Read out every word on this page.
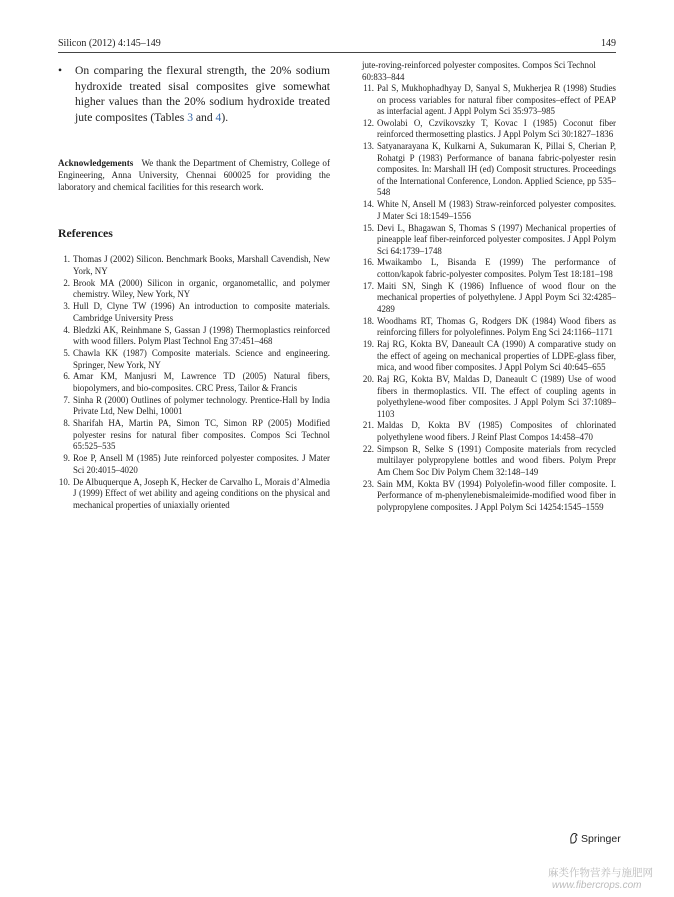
Silicon (2012) 4:145–149	149
• On comparing the flexural strength, the 20% sodium hydroxide treated sisal composites give somewhat higher values than the 20% sodium hydroxide treated jute composites (Tables 3 and 4).
Acknowledgements We thank the Department of Chemistry, College of Engineering, Anna University, Chennai 600025 for providing the laboratory and chemical facilities for this research work.
References
1. Thomas J (2002) Silicon. Benchmark Books, Marshall Cavendish, New York, NY
2. Brook MA (2000) Silicon in organic, organometallic, and polymer chemistry. Wiley, New York, NY
3. Hull D, Clyne TW (1996) An introduction to composite materials. Cambridge University Press
4. Bledzki AK, Reinhmane S, Gassan J (1998) Thermoplastics reinforced with wood fillers. Polym Plast Technol Eng 37:451–468
5. Chawla KK (1987) Composite materials. Science and engineering. Springer, New York, NY
6. Amar KM, Manjusri M, Lawrence TD (2005) Natural fibers, biopolymers, and bio-composites. CRC Press, Tailor & Francis
7. Sinha R (2000) Outlines of polymer technology. Prentice-Hall by India Private Ltd, New Delhi, 10001
8. Sharifah HA, Martin PA, Simon TC, Simon RP (2005) Modified polyester resins for natural fiber composites. Compos Sci Technol 65:525–535
9. Roe P, Ansell M (1985) Jute reinforced polyester composites. J Mater Sci 20:4015–4020
10. De Albuquerque A, Joseph K, Hecker de Carvalho L, Morais d’Almedia J (1999) Effect of wet ability and ageing conditions on the physical and mechanical properties of uniaxially oriented
jute-roving-reinforced polyester composites. Compos Sci Technol 60:833–844
11. Pal S, Mukhophadhyay D, Sanyal S, Mukherjea R (1998) Studies on process variables for natural fiber composites–effect of PEAP as interfacial agent. J Appl Polym Sci 35:973–985
12. Owolabi O, Czvikovszky T, Kovac I (1985) Coconut fiber reinforced thermosetting plastics. J Appl Polym Sci 30:1827–1836
13. Satyanarayana K, Kulkarni A, Sukumaran K, Pillai S, Cherian P, Rohatgi P (1983) Performance of banana fabric-polyester resin composites. In: Marshall IH (ed) Composit structures. Proceedings of the International Conference, London. Applied Science, pp 535–548
14. White N, Ansell M (1983) Straw-reinforced polyester composites. J Mater Sci 18:1549–1556
15. Devi L, Bhagawan S, Thomas S (1997) Mechanical properties of pineapple leaf fiber-reinforced polyester composites. J Appl Polym Sci 64:1739–1748
16. Mwaikambo L, Bisanda E (1999) The performance of cotton/kapok fabric-polyester composites. Polym Test 18:181–198
17. Maiti SN, Singh K (1986) Influence of wood flour on the mechanical properties of polyethylene. J Appl Poym Sci 32:4285–4289
18. Woodhams RT, Thomas G, Rodgers DK (1984) Wood fibers as reinforcing fillers for polyolefinnes. Polym Eng Sci 24:1166–1171
19. Raj RG, Kokta BV, Daneault CA (1990) A comparative study on the effect of ageing on mechanical properties of LDPE-glass fiber, mica, and wood fiber composites. J Appl Polym Sci 40:645–655
20. Raj RG, Kokta BV, Maldas D, Daneault C (1989) Use of wood fibers in thermoplastics. VII. The effect of coupling agents in polyethylene-wood fiber composites. J Appl Polym Sci 37:1089–1103
21. Maldas D, Kokta BV (1985) Composites of chlorinated polyethylene wood fibers. J Reinf Plast Compos 14:458–470
22. Simpson R, Selke S (1991) Composite materials from recycled multilayer polypropylene bottles and wood fibers. Polym Prepr Am Chem Soc Div Polym Chem 32:148–149
23. Sain MM, Kokta BV (1994) Polyolefin-wood filler composite. I. Performance of m-phenylenebismaleimide-modified wood fiber in polypropylene composites. J Appl Polym Sci 14254:1545–1559
Springer
麻类作物营养与施肥网
www.fibercrops.com
